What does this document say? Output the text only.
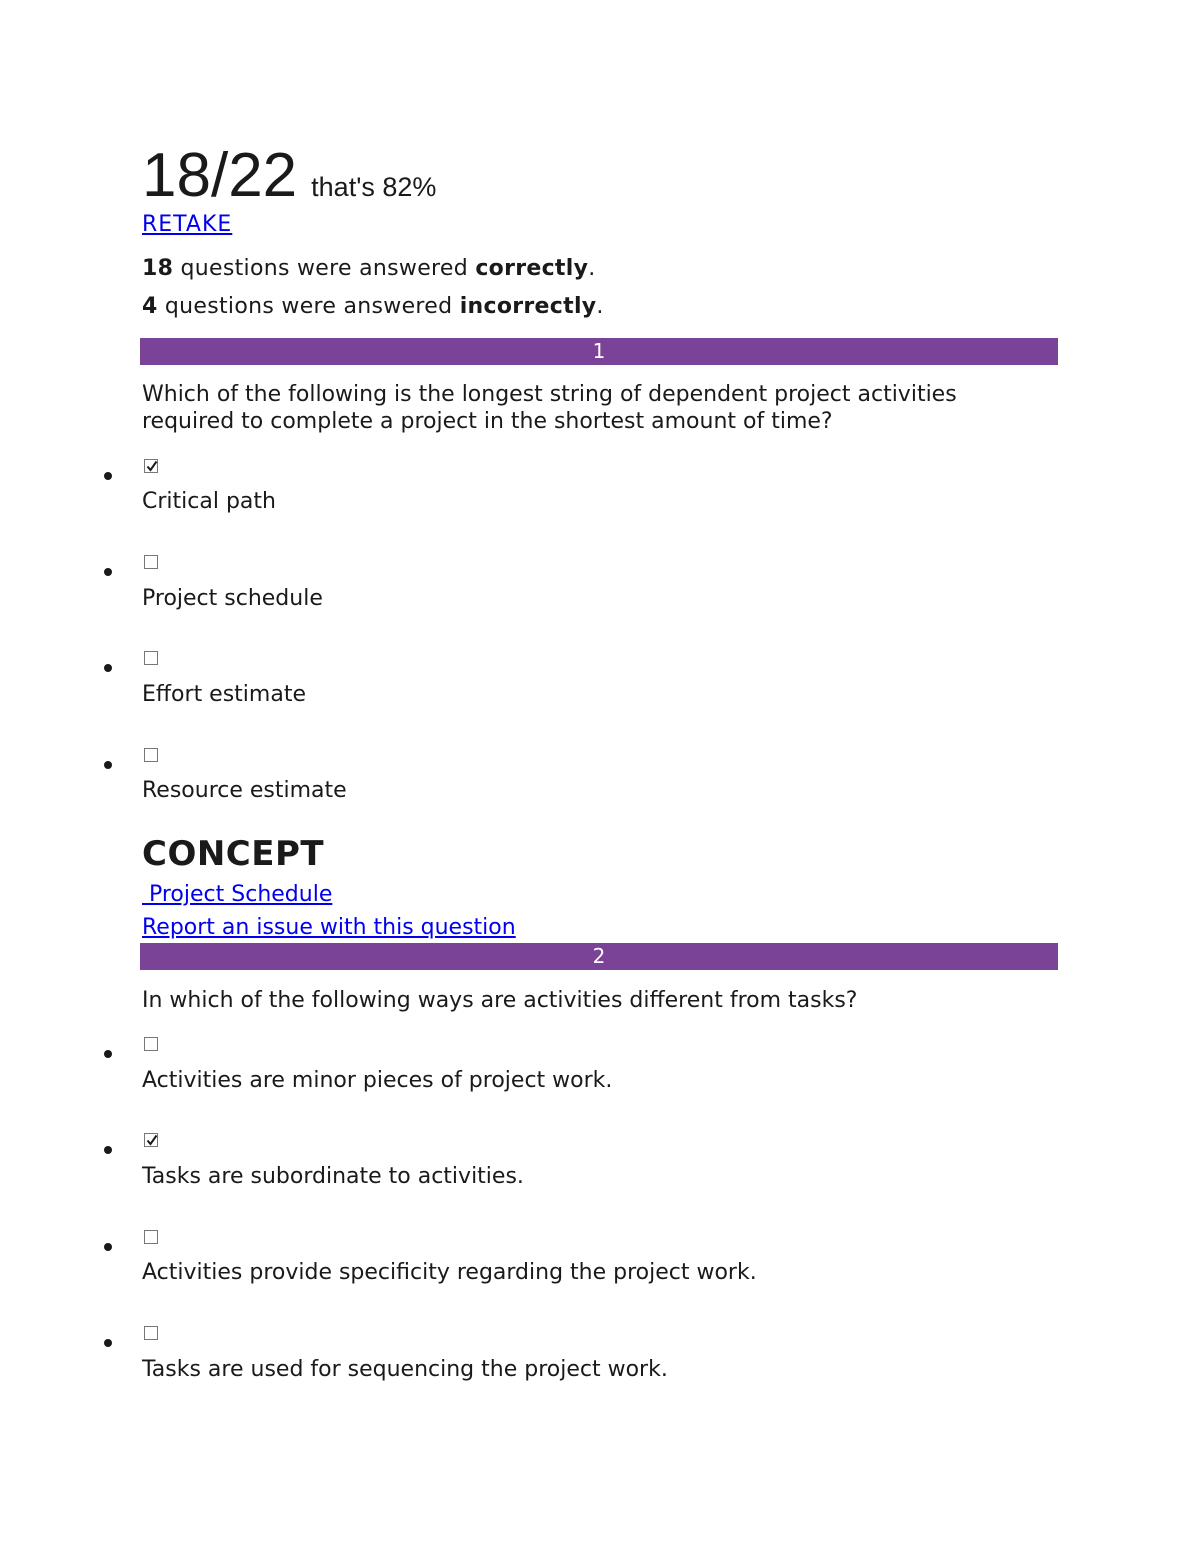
18/22 that's 82%
RETAKE
18 questions were answered correctly.
4 questions were answered incorrectly.
1
Which of the following is the longest string of dependent project activities required to complete a project in the shortest amount of time?
Critical path
Project schedule
Effort estimate
Resource estimate
CONCEPT
Project Schedule
Report an issue with this question
2
In which of the following ways are activities different from tasks?
Activities are minor pieces of project work.
Tasks are subordinate to activities.
Activities provide specificity regarding the project work.
Tasks are used for sequencing the project work.
